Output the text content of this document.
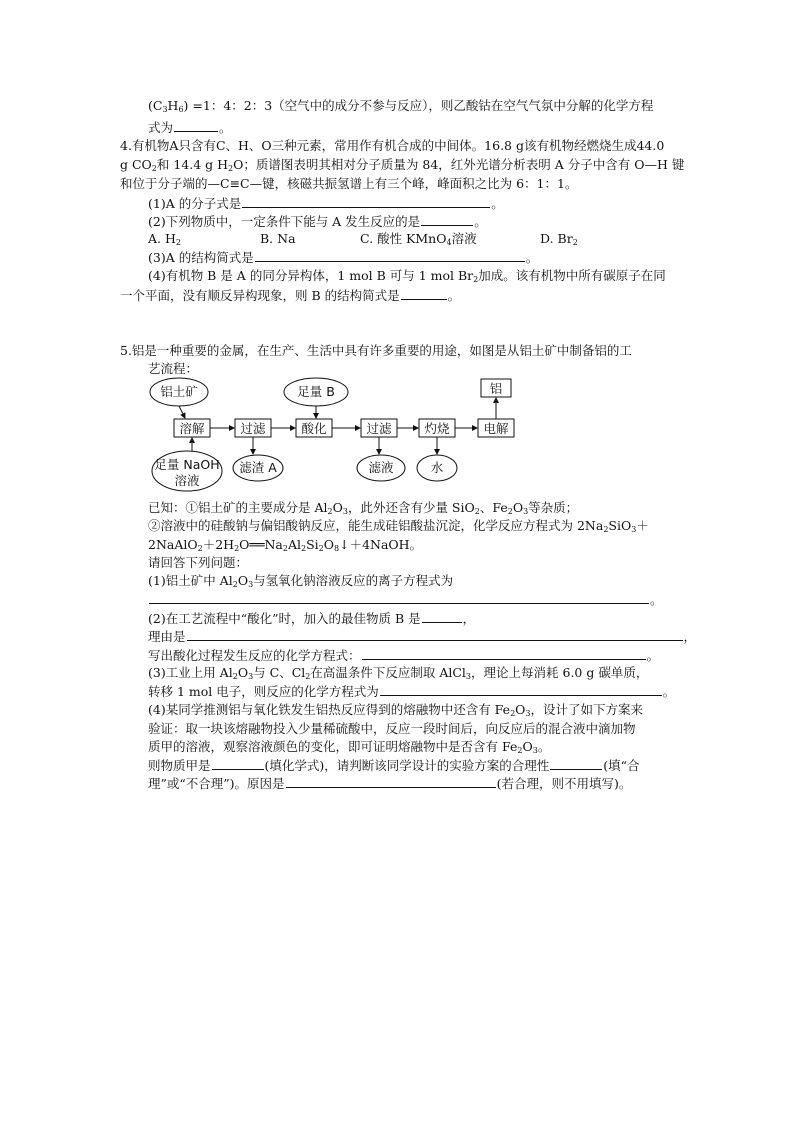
$(C_3H_6) =1$：4：2：3（空气中的成分不参与反应），则乙酸钴在空气气氛中分解的化学方程
式为	。
4.有机物A只含有C、H、O三种元素，常用作有机合成的中间体。16.8 g该有机物经燃烧生成44.0
g $CO_2$和 14.4 g $H_2O$；质谱图表明其相对分子质量为 84，红外光谱分析表明 A 分子中含有 O—H 键
和位于分子端的—C≡C—键，核磁共振氢谱上有三个峰，峰面积之比为 6：1：1。
(1)A 的分子式是	。
(2)下列物质中，一定条件下能与 A 发生反应的是	。
A. $H_2$	B. Na	C. 酸性 KMnO$_4$溶液	D. $Br_2$
(3)A 的结构简式是	。
(4)有机物 B 是 A 的同分异构体，1 mol B 可与 1 mol $Br_2$加成。该有机物中所有碳原子在同
一个平面，没有顺反异构现象，则 B 的结构简式是	。
5.铝是一种重要的金属，在生产、生活中具有许多重要的用途，如图是从铝土矿中制备铝的工
艺流程：
铝土矿	足量 B	铝
溶解	过滤	酸化	过滤	灼烧	电解
足量 NaOH
溶液
滤渣 A	滤液	水
已知：①铝土矿的主要成分是 $Al_2O_3$，此外还含有少量 SiO$_2$、$Fe_2O_3$等杂质；
②溶液中的硅酸钠与偏铝酸钠反应，能生成硅铝酸盐沉淀，化学反应方程式为 $2Na_2SiO_3+$
$2NaAlO_2+2H_2O══Na_2Al_2Si_2O_8↓+4NaOH$。
请回答下列问题：
(1)铝土矿中 $Al_2O_3$与氢氧化钠溶液反应的离子方程式为
。
(2)在工艺流程中“酸化”时，加入的最佳物质 B 是	，
理由是	，
写出酸化过程发生反应的化学方程式：	。
(3)工业上用 $Al_2O_3$与 C、$Cl_2$在高温条件下反应制取 AlCl$_3$，理论上每消耗 6.0 g 碳单质，
转移 1 mol 电子，则反应的化学方程式为	。
(4)某同学推测铝与氧化铁发生铝热反应得到的熔融物中还含有 $Fe_2O_3$，设计了如下方案来
验证：取一块该熔融物投入少量稀硫酸中，反应一段时间后，向反应后的混合液中滴加物
质甲的溶液，观察溶液颜色的变化，即可证明熔融物中是否含有 $Fe_2O_3$。
则物质甲是	(填化学式)，请判断该同学设计的实验方案的合理性	(填“合
理”或“不合理”)。原因是	(若合理，则不用填写)。
